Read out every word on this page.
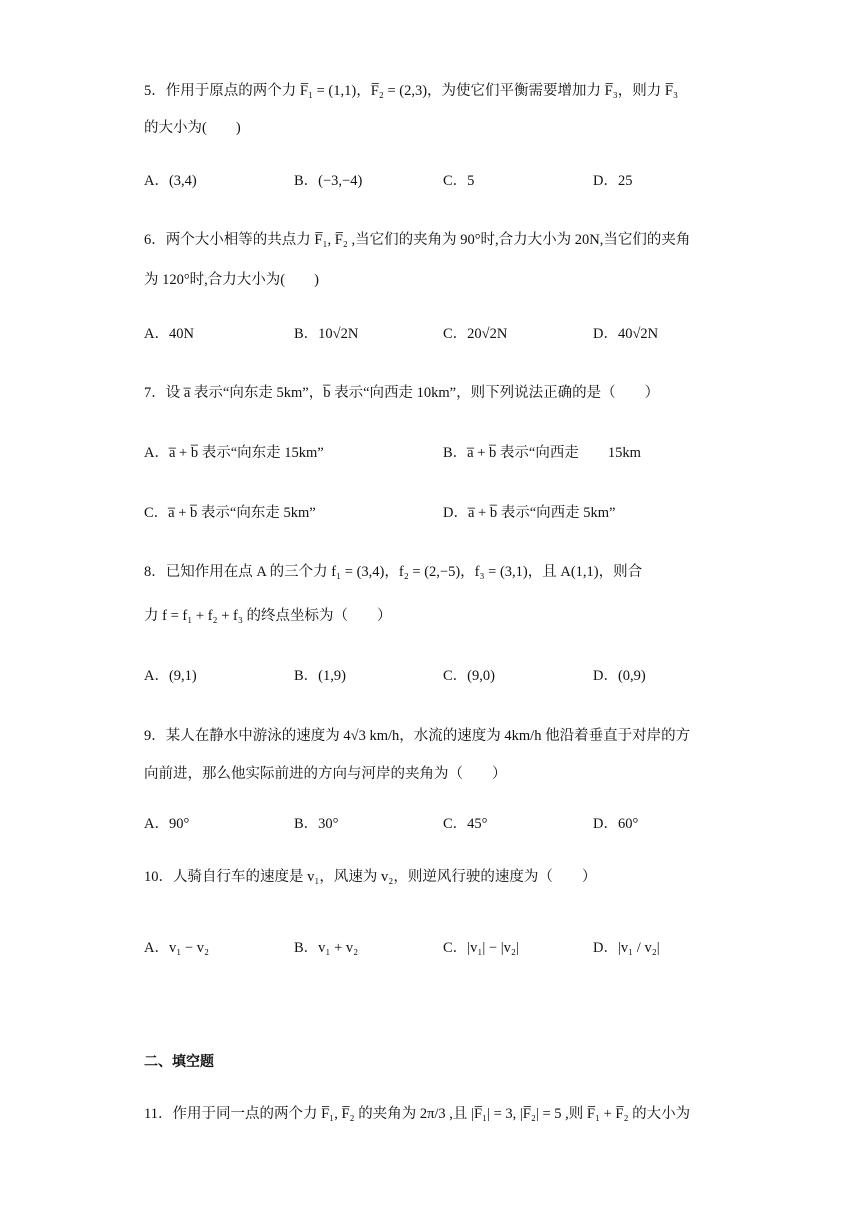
5．作用于原点的两个力 F̅₁ = (1,1)，F̅₂ = (2,3)，为使它们平衡需要增加力 F̅₃，则力 F̅₃
的大小为(　　)
A．(3,4)	B．(−3,−4)	C．5	D．25
6．两个大小相等的共点力 F̅₁, F̅₂ ,当它们的夹角为 90°时,合力大小为 20N,当它们的夹角
为 120°时,合力大小为(　　)
A．40N	B．10√2N	C．20√2N	D．40√2N
7．设 a̅ 表示“向东走 5km”，b̅ 表示“向西走 10km”，则下列说法正确的是（　　）
A．a̅ + b̅ 表示“向东走 15km”	B．a̅ + b̅ 表示“向西走　　15km
C．a̅ + b̅ 表示“向东走 5km”	D．a̅ + b̅ 表示“向西走 5km”
8．已知作用在点 A 的三个力 f₁ = (3,4)，f₂ = (2,−5)，f₃ = (3,1)，且 A(1,1)，则合
力 f = f₁ + f₂ + f₃ 的终点坐标为（　　）
A．(9,1)	B．(1,9)	C．(9,0)	D．(0,9)
9．某人在静水中游泳的速度为 4√3 km/h，水流的速度为 4km/h 他沿着垂直于对岸的方
向前进，那么他实际前进的方向与河岸的夹角为（　　）
A．90°	B．30°	C．45°	D．60°
10．人骑自行车的速度是 v₁，风速为 v₂，则逆风行驶的速度为（　　）
A．v₁ − v₂	B．v₁ + v₂	C．|v₁| − |v₂|	D．|v₁ / v₂|
二、填空题
11．作用于同一点的两个力 F̅₁, F̅₂ 的夹角为 2π/3 ,且 |F̅₁| = 3, |F̅₂| = 5 ,则 F̅₁ + F̅₂ 的大小为
